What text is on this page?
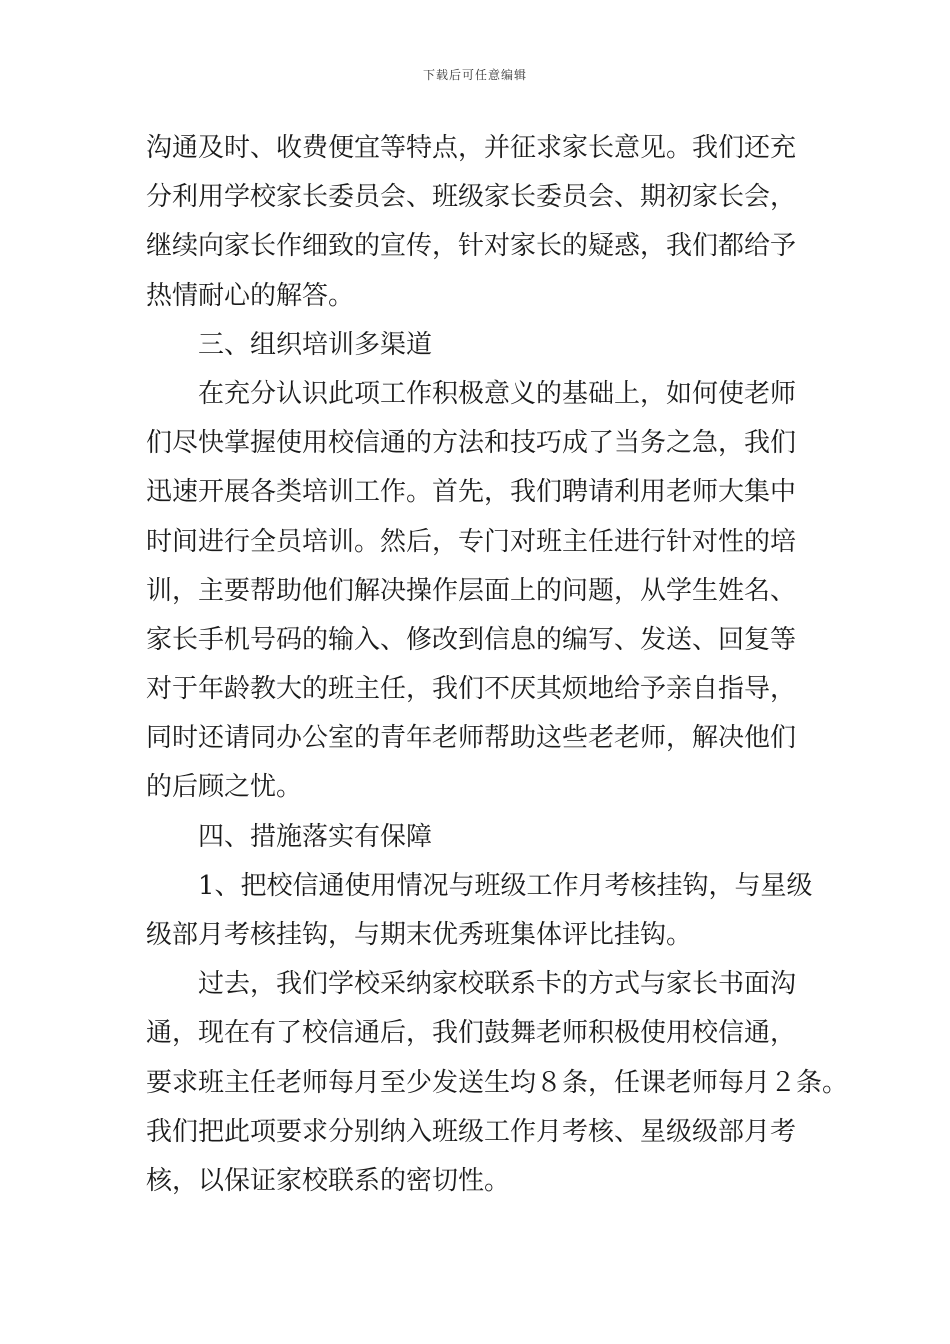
下载后可任意编辑
沟通及时、收费便宜等特点，并征求家长意见。我们还充
分利用学校家长委员会、班级家长委员会、期初家长会，
继续向家长作细致的宣传，针对家长的疑惑，我们都给予
热情耐心的解答。
三、组织培训多渠道
在充分认识此项工作积极意义的基础上，如何使老师
们尽快掌握使用校信通的方法和技巧成了当务之急，我们
迅速开展各类培训工作。首先，我们聘请利用老师大集中
时间进行全员培训。然后，专门对班主任进行针对性的培
训，主要帮助他们解决操作层面上的问题，从学生姓名、
家长手机号码的输入、修改到信息的编写、发送、回复等
对于年龄教大的班主任，我们不厌其烦地给予亲自指导，
同时还请同办公室的青年老师帮助这些老老师，解决他们
的后顾之忧。
四、措施落实有保障
1、把校信通使用情况与班级工作月考核挂钩，与星级
级部月考核挂钩，与期末优秀班集体评比挂钩。
过去，我们学校采纳家校联系卡的方式与家长书面沟
通，现在有了校信通后，我们鼓舞老师积极使用校信通，
要求班主任老师每月至少发送生均８条，任课老师每月２条。
我们把此项要求分别纳入班级工作月考核、星级级部月考
核，以保证家校联系的密切性。
